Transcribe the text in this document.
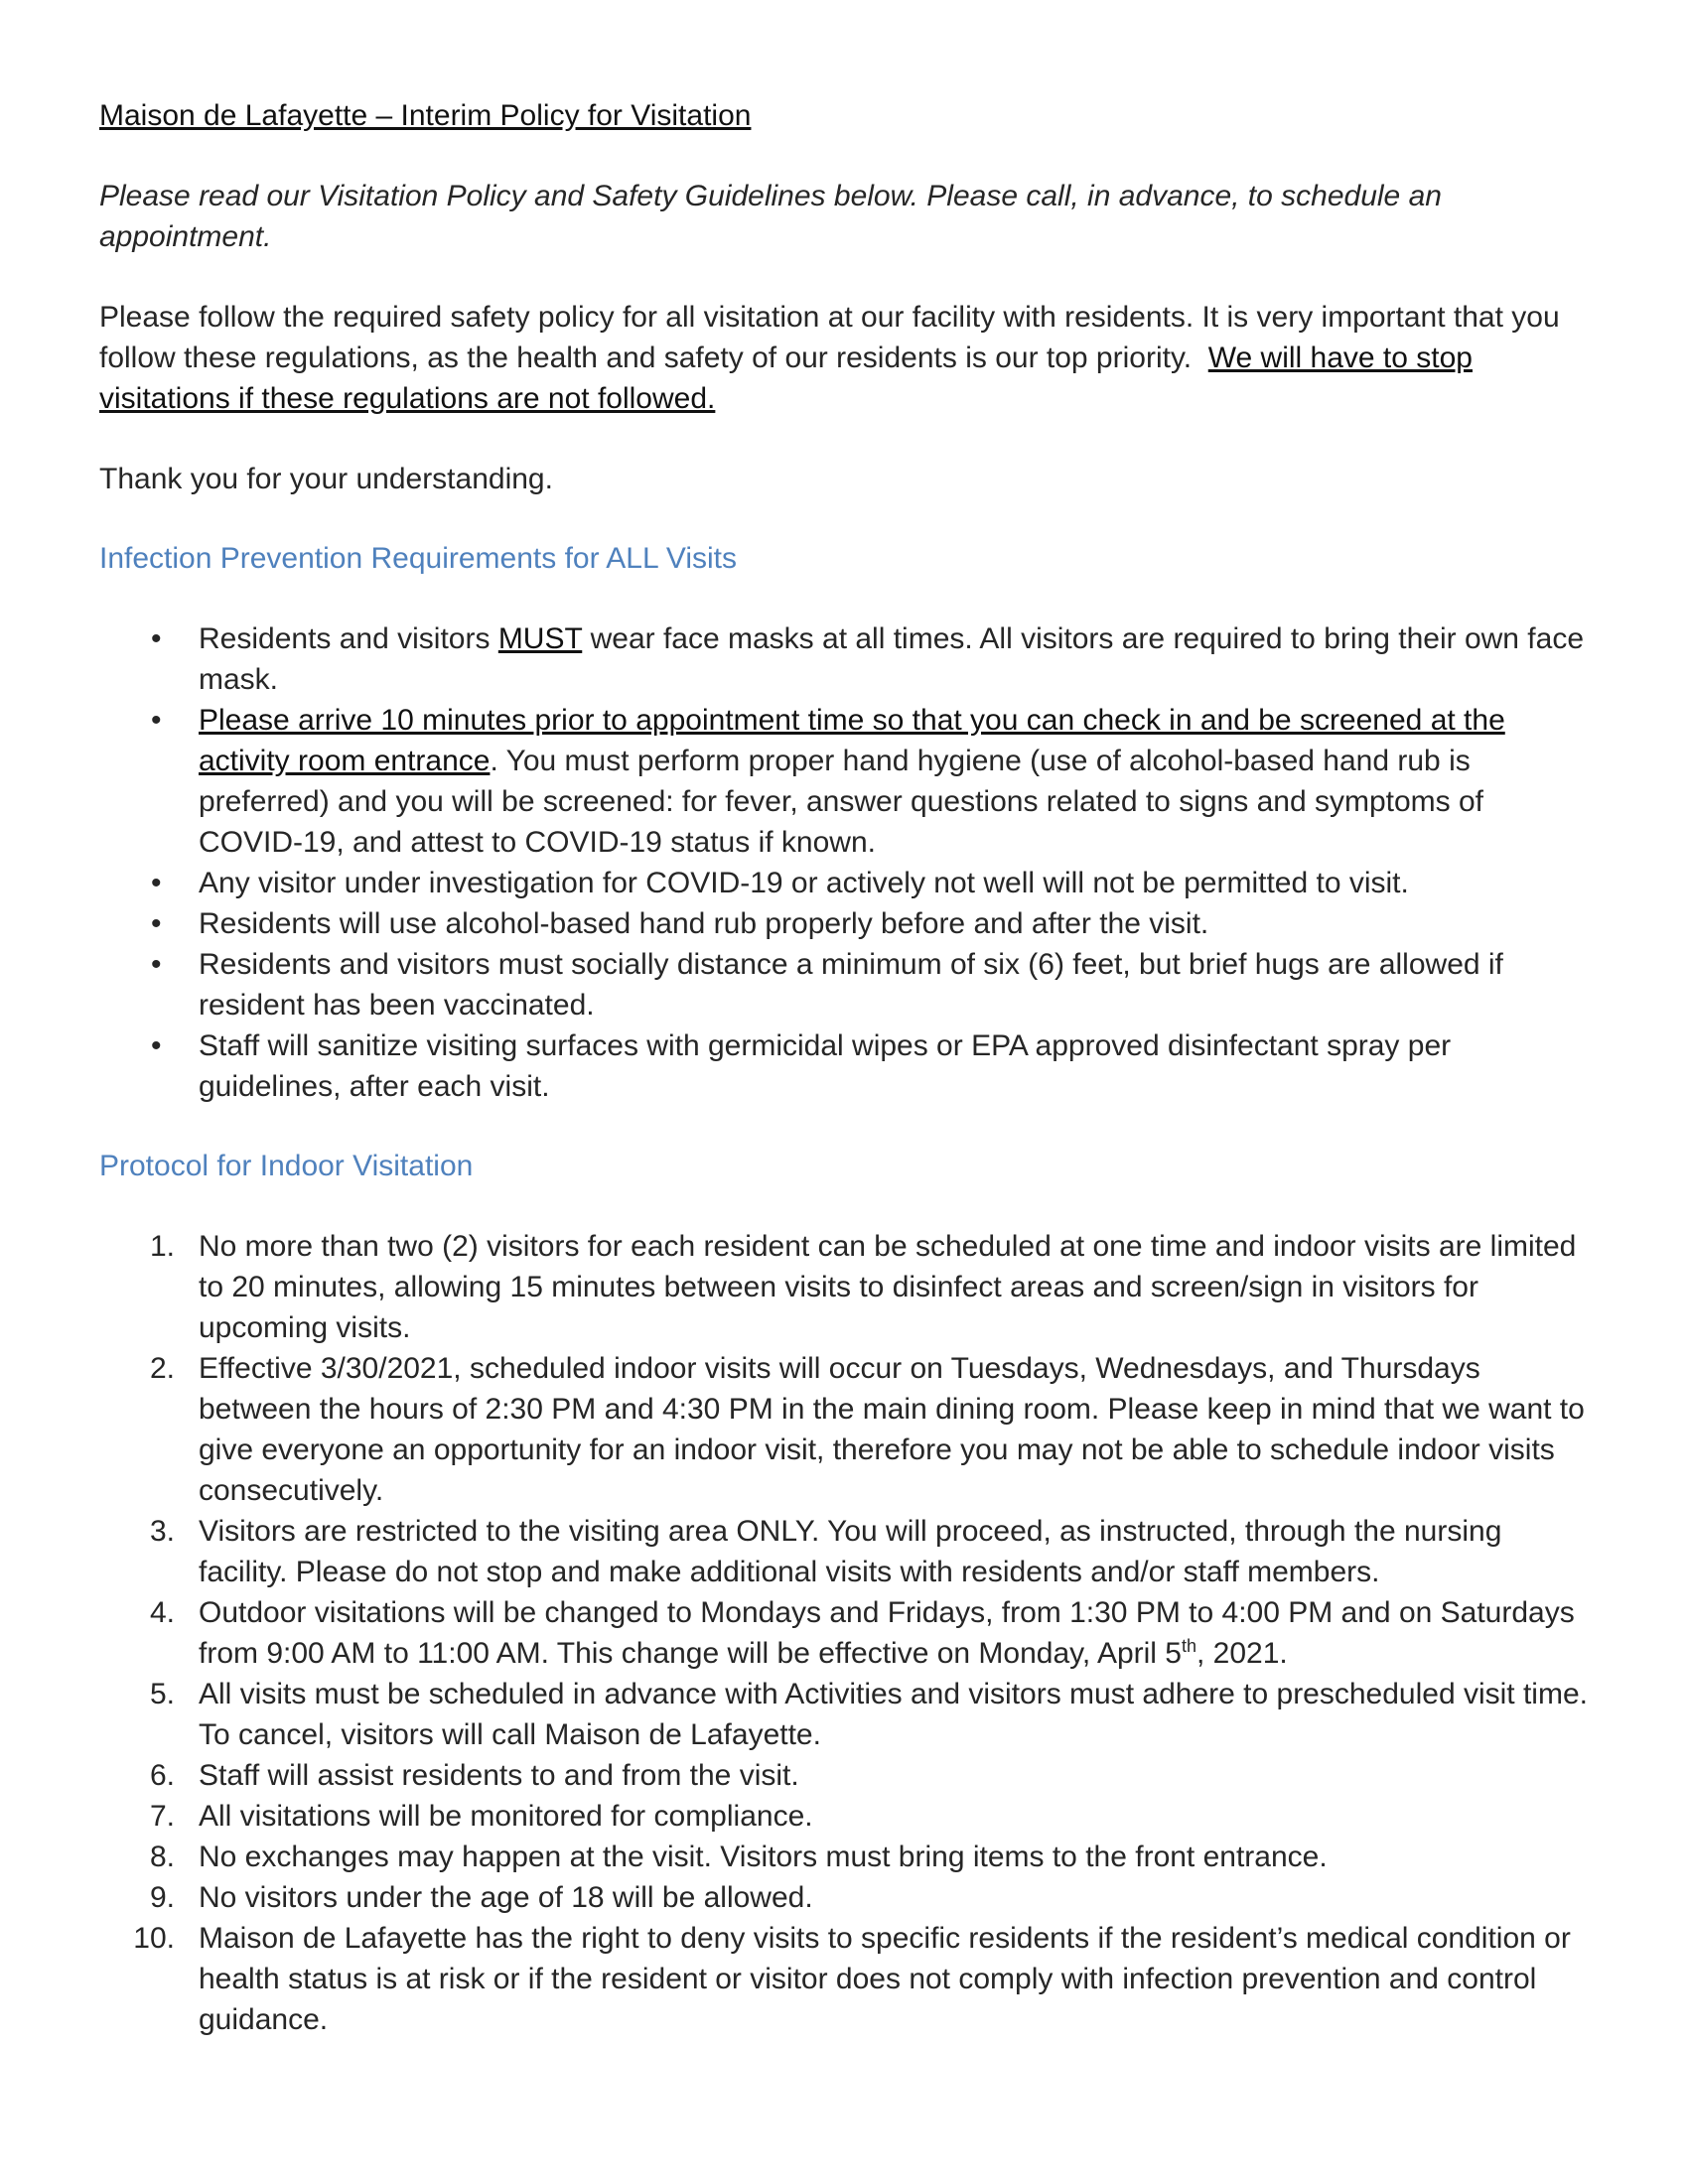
Maison de Lafayette – Interim Policy for Visitation

Please read our Visitation Policy and Safety Guidelines below. Please call, in advance, to schedule an appointment.

Please follow the required safety policy for all visitation at our facility with residents. It is very important that you follow these regulations, as the health and safety of our residents is our top priority. We will have to stop visitations if these regulations are not followed.

Thank you for your understanding.

Infection Prevention Requirements for ALL Visits
•	Residents and visitors MUST wear face masks at all times. All visitors are required to bring their own face mask.
•	Please arrive 10 minutes prior to appointment time so that you can check in and be screened at the activity room entrance. You must perform proper hand hygiene (use of alcohol-based hand rub is preferred) and you will be screened: for fever, answer questions related to signs and symptoms of COVID-19, and attest to COVID-19 status if known.
•	Any visitor under investigation for COVID-19 or actively not well will not be permitted to visit.
•	Residents will use alcohol-based hand rub properly before and after the visit.
•	Residents and visitors must socially distance a minimum of six (6) feet, but brief hugs are allowed if resident has been vaccinated.
•	Staff will sanitize visiting surfaces with germicidal wipes or EPA approved disinfectant spray per guidelines, after each visit.
Protocol for Indoor Visitation
1. No more than two (2) visitors for each resident can be scheduled at one time and indoor visits are limited to 20 minutes, allowing 15 minutes between visits to disinfect areas and screen/sign in visitors for upcoming visits.
2. Effective 3/30/2021, scheduled indoor visits will occur on Tuesdays, Wednesdays, and Thursdays between the hours of 2:30 PM and 4:30 PM in the main dining room. Please keep in mind that we want to give everyone an opportunity for an indoor visit, therefore you may not be able to schedule indoor visits consecutively.
3. Visitors are restricted to the visiting area ONLY. You will proceed, as instructed, through the nursing facility. Please do not stop and make additional visits with residents and/or staff members.
4. Outdoor visitations will be changed to Mondays and Fridays, from 1:30 PM to 4:00 PM and on Saturdays from 9:00 AM to 11:00 AM. This change will be effective on Monday, April 5th, 2021.
5. All visits must be scheduled in advance with Activities and visitors must adhere to prescheduled visit time. To cancel, visitors will call Maison de Lafayette.
6. Staff will assist residents to and from the visit.
7. All visitations will be monitored for compliance.
8. No exchanges may happen at the visit. Visitors must bring items to the front entrance.
9. No visitors under the age of 18 will be allowed.
10. Maison de Lafayette has the right to deny visits to specific residents if the resident’s medical condition or health status is at risk or if the resident or visitor does not comply with infection prevention and control guidance.
